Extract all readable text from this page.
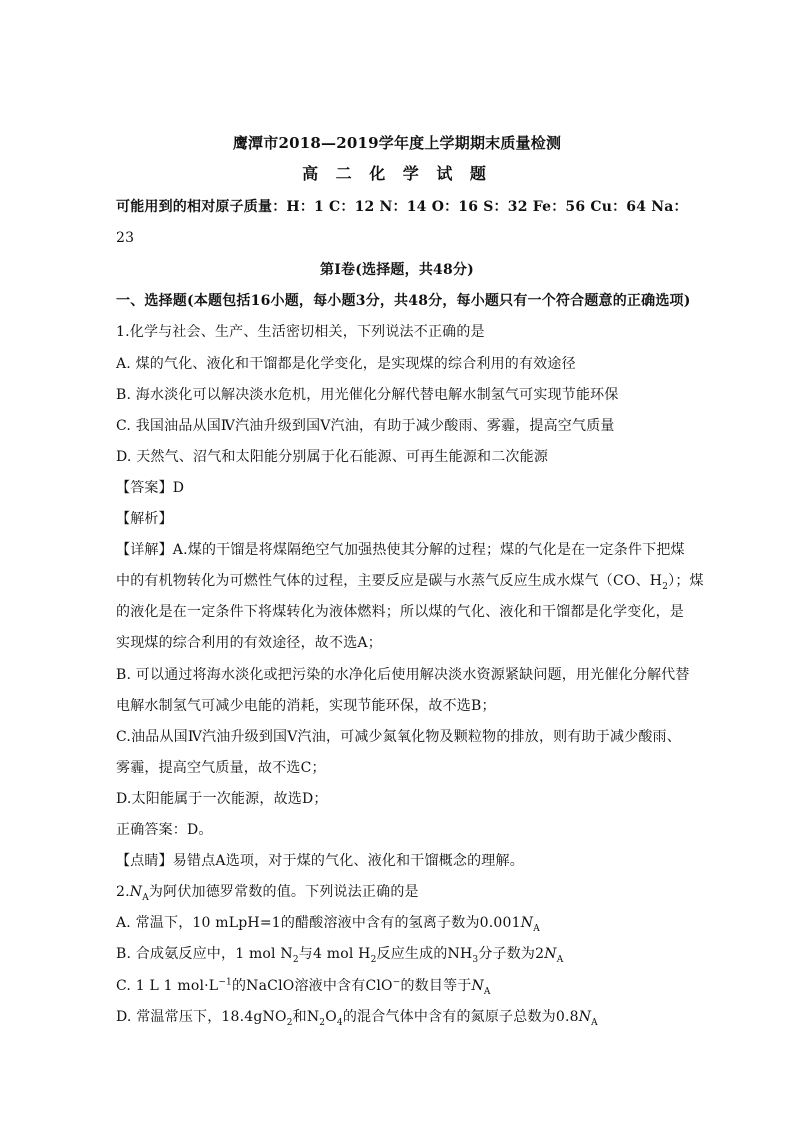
鹰潭市2018—2019学年度上学期期末质量检测
高 二 化 学 试 题
可能用到的相对原子质量：H：1 C：12 N：14 O：16 S：32 Fe：56 Cu：64 Na：
23
第Ⅰ卷(选择题，共48分)
一、选择题(本题包括16小题，每小题3分，共48分，每小题只有一个符合题意的正确选项)
1.化学与社会、生产、生活密切相关，下列说法不正确的是
A. 煤的气化、液化和干馏都是化学变化，是实现煤的综合利用的有效途径
B. 海水淡化可以解决淡水危机，用光催化分解代替电解水制氢气可实现节能环保
C. 我国油品从国Ⅳ汽油升级到国Ⅴ汽油，有助于减少酸雨、雾霾，提高空气质量
D. 天然气、沼气和太阳能分别属于化石能源、可再生能源和二次能源
【答案】D
【解析】
【详解】A.煤的干馏是将煤隔绝空气加强热使其分解的过程；煤的气化是在一定条件下把煤
中的有机物转化为可燃性气体的过程，主要反应是碳与水蒸气反应生成水煤气（CO、$H_2$）；煤
的液化是在一定条件下将煤转化为液体燃料；所以煤的气化、液化和干馏都是化学变化，是
实现煤的综合利用的有效途径，故不选A；
B. 可以通过将海水淡化或把污染的水净化后使用解决淡水资源紧缺问题，用光催化分解代替
电解水制氢气可减少电能的消耗，实现节能环保，故不选B；
C.油品从国Ⅳ汽油升级到国Ⅴ汽油，可减少氮氧化物及颗粒物的排放，则有助于减少酸雨、
雾霾，提高空气质量，故不选C；
D.太阳能属于一次能源，故选D；
正确答案：D。
【点睛】易错点A选项，对于煤的气化、液化和干馏概念的理解。
$2.N_A$为阿伏加德罗常数的值。下列说法正确的是
A. 常温下，10 mLpH=1的醋酸溶液中含有的氢离子数为$0.001N_A$
B. 合成氨反应中，1 mol $N_2$与4 mol $H_2$反应生成的$NH_3$分子数为$2N_A$
C. 1 L 1 $mol\cdot L^{-1}$的NaClO溶液中含有ClO−的数目等于$N_A$
D. 常温常压下，18.4gNO$_2$和$N_2O_4$的混合气体中含有的氮原子总数为$0.8N_A$
